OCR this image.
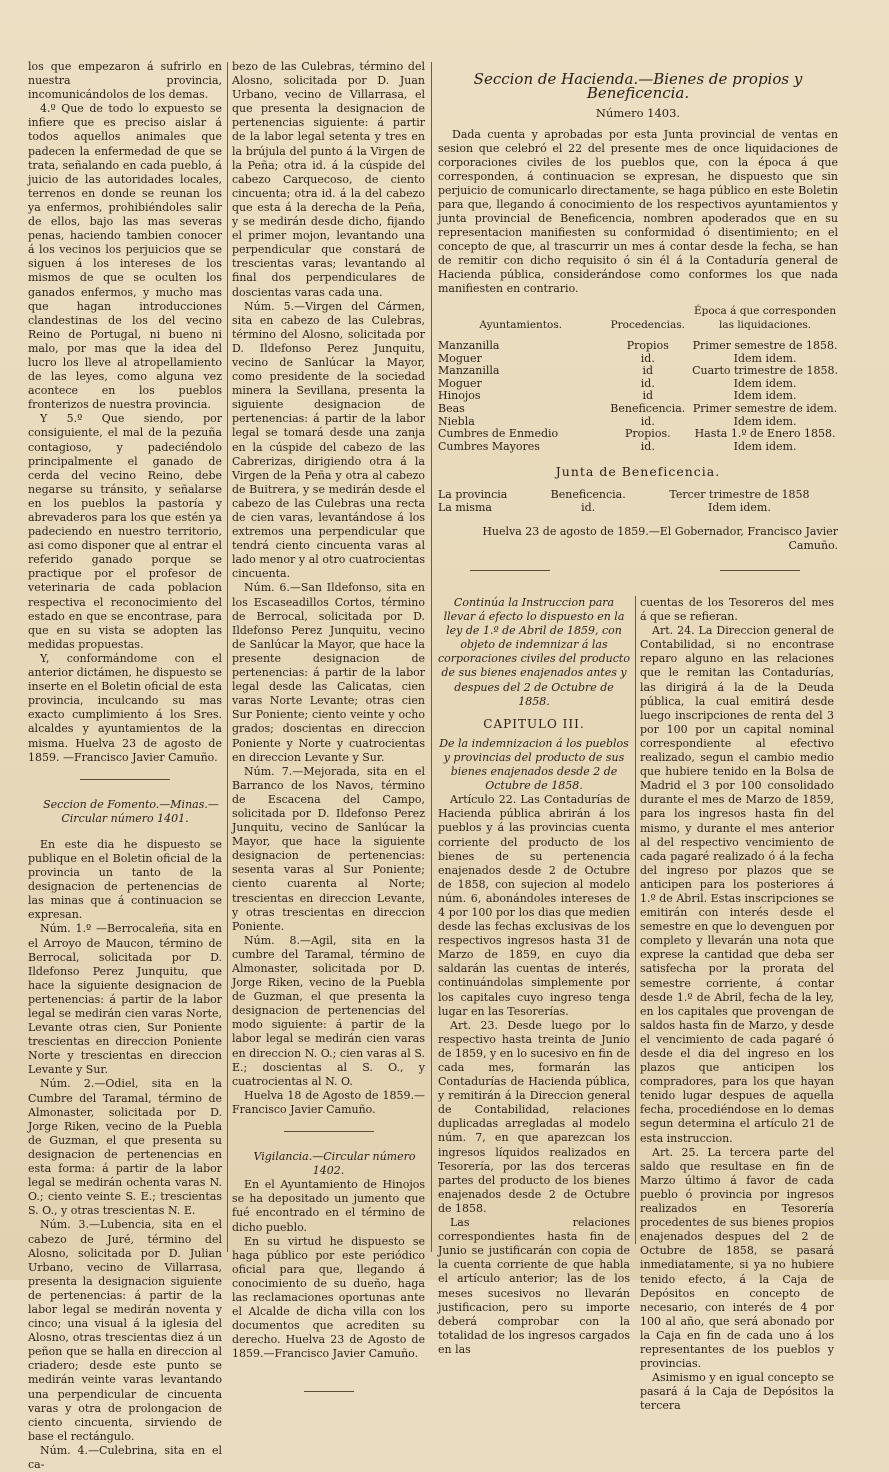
los que empezaron á sufrirlo en nuestra provincia, incomunicándolos de los demas.

4.º Que de todo lo expuesto se infiere que es preciso aislar á todos aquellos animales que padecen la enfermedad de que se trata, señalando en cada pueblo, á juicio de las autoridades locales, terrenos en donde se reunan los ya enfermos, prohibiéndoles salir de ellos, bajo las mas severas penas, haciendo tambien conocer á los vecinos los perjuicios que se siguen á los intereses de los mismos de que se oculten los ganados enfermos, y mucho mas que hagan introducciones clandestinas de los del vecino Reino de Portugal, ni bueno ni malo, por mas que la idea del lucro los lleve al atropellamiento de las leyes, como alguna vez acontece en los pueblos fronterizos de nuestra provincia.

Y 5.º Que siendo, por consiguiente, el mal de la pezuña contagioso, y padeciéndolo principalmente el ganado de cerda del vecino Reino, debe negarse su tránsito, y señalarse en los pueblos la pastoría y abrevaderos para los que estén ya padeciendo en nuestro territorio, asi como disponer que al entrar el referido ganado porque se practique por el profesor de veterinaria de cada poblacion respectiva el reconocimiento del estado en que se encontrase, para que en su vista se adopten las medidas propuestas.

Y, conformándome con el anterior dictámen, he dispuesto se inserte en el Boletin oficial de esta provincia, inculcando su mas exacto cumplimiento á los Sres. alcaldes y ayuntamientos de la misma. Huelva 23 de agosto de 1859. —Francisco Javier Camuño.

Seccion de Fomento.—Minas.—Circular número 1401.

En este dia he dispuesto se publique en el Boletin oficial de la provincia un tanto de la designacion de pertenencias de las minas que á continuacion se expresan.

Núm. 1.º —Berrocaleña, sita en el Arroyo de Maucon, término de Berrocal, solicitada por D. Ildefonso Perez Junquitu, que hace la siguiente designacion de pertenencias: á partir de la labor legal se medirán cien varas Norte, Levante otras cien, Sur Poniente trescientas en direccion Poniente Norte y trescientas en direccion Levante y Sur.

Núm. 2.—Odiel, sita en la Cumbre del Taramal, término de Almonaster, solicitada por D. Jorge Riken, vecino de la Puebla de Guzman, el que presenta su designacion de pertenencias en esta forma: á partir de la labor legal se medirán ochenta varas N. O.; ciento veinte S. E.; trescientas S. O., y otras trescientas N. E.

Núm. 3.—Lubencia, sita en el cabezo de Juré, término del Alosno, solicitada por D. Julian Urbano, vecino de Villarrasa, presenta la designacion siguiente de pertenencias: á partir de la labor legal se medirán noventa y cinco; una visual á la iglesia del Alosno, otras trescientas diez á un peñon que se halla en direccion al criadero; desde este punto se medirán veinte varas levantando una perpendicular de cincuenta varas y otra de prolongacion de ciento cincuenta, sirviendo de base el rectángulo.

Núm. 4.—Culebrina, sita en el ca-

bezo de las Culebras, término del Alosno, solicitada por D. Juan Urbano, vecino de Villarrasa, el que presenta la designacion de pertenencias siguiente: á partir de la labor legal setenta y tres en la brújula del punto á la Virgen de la Peña; otra id. á la cúspide del cabezo Carquecoso, de ciento cincuenta; otra id. á la del cabezo que esta á la derecha de la Peña, y se medirán desde dicho, fijando el primer mojon, levantando una perpendicular que constará de trescientas varas; levantando al final dos perpendiculares de doscientas varas cada una.

Núm. 5.—Virgen del Cármen, sita en cabezo de las Culebras, término del Alosno, solicitada por D. Ildefonso Perez Junquitu, vecino de Sanlúcar la Mayor, como presidente de la sociedad minera la Sevillana, presenta la siguiente designacion de pertenencias: á partir de la labor legal se tomará desde una zanja en la cúspide del cabezo de las Cabrerizas, dirigiendo otra á la Virgen de la Peña y otra al cabezo de Buitrera, y se medirán desde el cabezo de las Culebras una recta de cien varas, levantándose á los extremos una perpendicular que tendrá ciento cincuenta varas al lado menor y al otro cuatrocientas cincuenta.

Núm. 6.—San Ildefonso, sita en los Escaseadillos Cortos, término de Berrocal, solicitada por D. Ildefonso Perez Junquitu, vecino de Sanlúcar la Mayor, que hace la presente designacion de pertenencias: á partir de la labor legal desde las Calicatas, cien varas Norte Levante; otras cien Sur Poniente; ciento veinte y ocho grados; doscientas en direccion Poniente y Norte y cuatrocientas en direccion Levante y Sur.

Núm. 7.—Mejorada, sita en el Barranco de los Navos, término de Escacena del Campo, solicitada por D. Ildefonso Perez Junquitu, vecino de Sanlúcar la Mayor, que hace la siguiente designacion de pertenencias: sesenta varas al Sur Poniente; ciento cuarenta al Norte; trescientas en direccion Levante, y otras trescientas en direccion Poniente.

Núm. 8.—Agil, sita en la cumbre del Taramal, término de Almonaster, solicitada por D. Jorge Riken, vecino de la Puebla de Guzman, el que presenta la designacion de pertenencias del modo siguiente: á partir de la labor legal se medirán cien varas en direccion N. O.; cien varas al S. E.; doscientas al S. O., y cuatrocientas al N. O.

Huelva 18 de Agosto de 1859.— Francisco Javier Camuño.

Vigilancia.—Circular número 1402.

En el Ayuntamiento de Hinojos se ha depositado un jumento que fué encontrado en el término de dicho pueblo.

En su virtud he dispuesto se haga público por este periódico oficial para que, llegando á conocimiento de su dueño, haga las reclamaciones oportunas ante el Alcalde de dicha villa con los documentos que acrediten su derecho. Huelva 23 de Agosto de 1859.—Francisco Javier Camuño.

Seccion de Hacienda.—Bienes de propios y Beneficencia.
Número 1403.
Dada cuenta y aprobadas por esta Junta provincial de ventas en sesion que celebró el 22 del presente mes de once liquidaciones de corporaciones civiles de los pueblos que, con la época á que corresponden, á continuacion se expresan, he dispuesto que sin perjuicio de comunicarlo directamente, se haga público en este Boletin para que, llegando á conocimiento de los respectivos ayuntamientos y junta provincial de Beneficencia, nombren apoderados que en su representacion manifiesten su conformidad ó disentimiento; en el concepto de que, al trascurrir un mes á contar desde la fecha, se han de remitir con dicho requisito ó sin él á la Contaduría general de Hacienda pública, considerándose como conformes los que nada manifiesten en contrario.
Ayuntamientos.	Procedencias.	Época á que corresponden las liquidaciones.
Manzanilla	Propios	Primer semestre de 1858.
Moguer	id.	Idem idem.
Manzanilla	id	Cuarto trimestre de 1858.
Moguer	id.	Idem idem.
Hinojos	id	Idem idem.
Beas	Beneficencia.	Primer semestre de idem.
Niebla	id.	Idem idem.
Cumbres de Enmedio	Propios.	Hasta 1.º de Enero 1858.
Cumbres Mayores	id.	Idem idem.
Junta de Beneficencia.
La provincia	Beneficencia.	Tercer trimestre de 1858
La misma	id.	Idem idem.
Huelva 23 de agosto de 1859.—El Gobernador, Francisco Javier Camuño.

Continúa la Instruccion para llevar á efecto lo dispuesto en la ley de 1.º de Abril de 1859, con objeto de indemnizar á las corporaciones civiles del producto de sus bienes enajenados antes y despues del 2 de Octubre de 1858.

CAPITULO III.

De la indemnizacion á los pueblos y provincias del producto de sus bienes enajenados desde 2 de Octubre de 1858.

Artículo 22. Las Contadurías de Hacienda pública abrirán á los pueblos y á las provincias cuenta corriente del producto de los bienes de su pertenencia enajenados desde 2 de Octubre de 1858, con sujecion al modelo núm. 6, abonándoles intereses de 4 por 100 por los dias que medien desde las fechas exclusivas de los respectivos ingresos hasta 31 de Marzo de 1859, en cuyo dia saldarán las cuentas de interés, continuándolas simplemente por los capitales cuyo ingreso tenga lugar en las Tesorerías.

Art. 23. Desde luego por lo respectivo hasta treinta de Junio de 1859, y en lo sucesivo en fin de cada mes, formarán las Contadurías de Hacienda pública, y remitirán á la Direccion general de Contabilidad, relaciones duplicadas arregladas al modelo núm. 7, en que aparezcan los ingresos líquidos realizados en Tesorería, por las dos terceras partes del producto de los bienes enajenados desde 2 de Octubre de 1858.

Las relaciones correspondientes hasta fin de Junio se justificarán con copia de la cuenta corriente de que habla el artículo anterior; las de los meses sucesivos no llevarán justificacion, pero su importe deberá comprobar con la totalidad de los ingresos cargados en las

cuentas de los Tesoreros del mes á que se refieran.

Art. 24. La Direccion general de Contabilidad, si no encontrase reparo alguno en las relaciones que le remitan las Contadurías, las dirigirá á la de la Deuda pública, la cual emitirá desde luego inscripciones de renta del 3 por 100 por un capital nominal correspondiente al efectivo realizado, segun el cambio medio que hubiere tenido en la Bolsa de Madrid el 3 por 100 consolidado durante el mes de Marzo de 1859, para los ingresos hasta fin del mismo, y durante el mes anterior al del respectivo vencimiento de cada pagaré realizado ó á la fecha del ingreso por plazos que se anticipen para los posteriores á 1.º de Abril. Estas inscripciones se emitirán con interés desde el semestre en que lo devenguen por completo y llevarán una nota que exprese la cantidad que deba ser satisfecha por la prorata del semestre corriente, á contar desde 1.º de Abril, fecha de la ley, en los capitales que provengan de saldos hasta fin de Marzo, y desde el vencimiento de cada pagaré ó desde el dia del ingreso en los plazos que anticipen los compradores, para los que hayan tenido lugar despues de aquella fecha, procediéndose en lo demas segun determina el artículo 21 de esta instruccion.

Art. 25. La tercera parte del saldo que resultase en fin de Marzo último á favor de cada pueblo ó provincia por ingresos realizados en Tesorería procedentes de sus bienes propios enajenados despues del 2 de Octubre de 1858, se pasará inmediatamente, si ya no hubiere tenido efecto, á la Caja de Depósitos en concepto de necesario, con interés de 4 por 100 al año, que será abonado por la Caja en fin de cada uno á los representantes de los pueblos y provincias.

Asimismo y en igual concepto se pasará á la Caja de Depósitos la tercera
